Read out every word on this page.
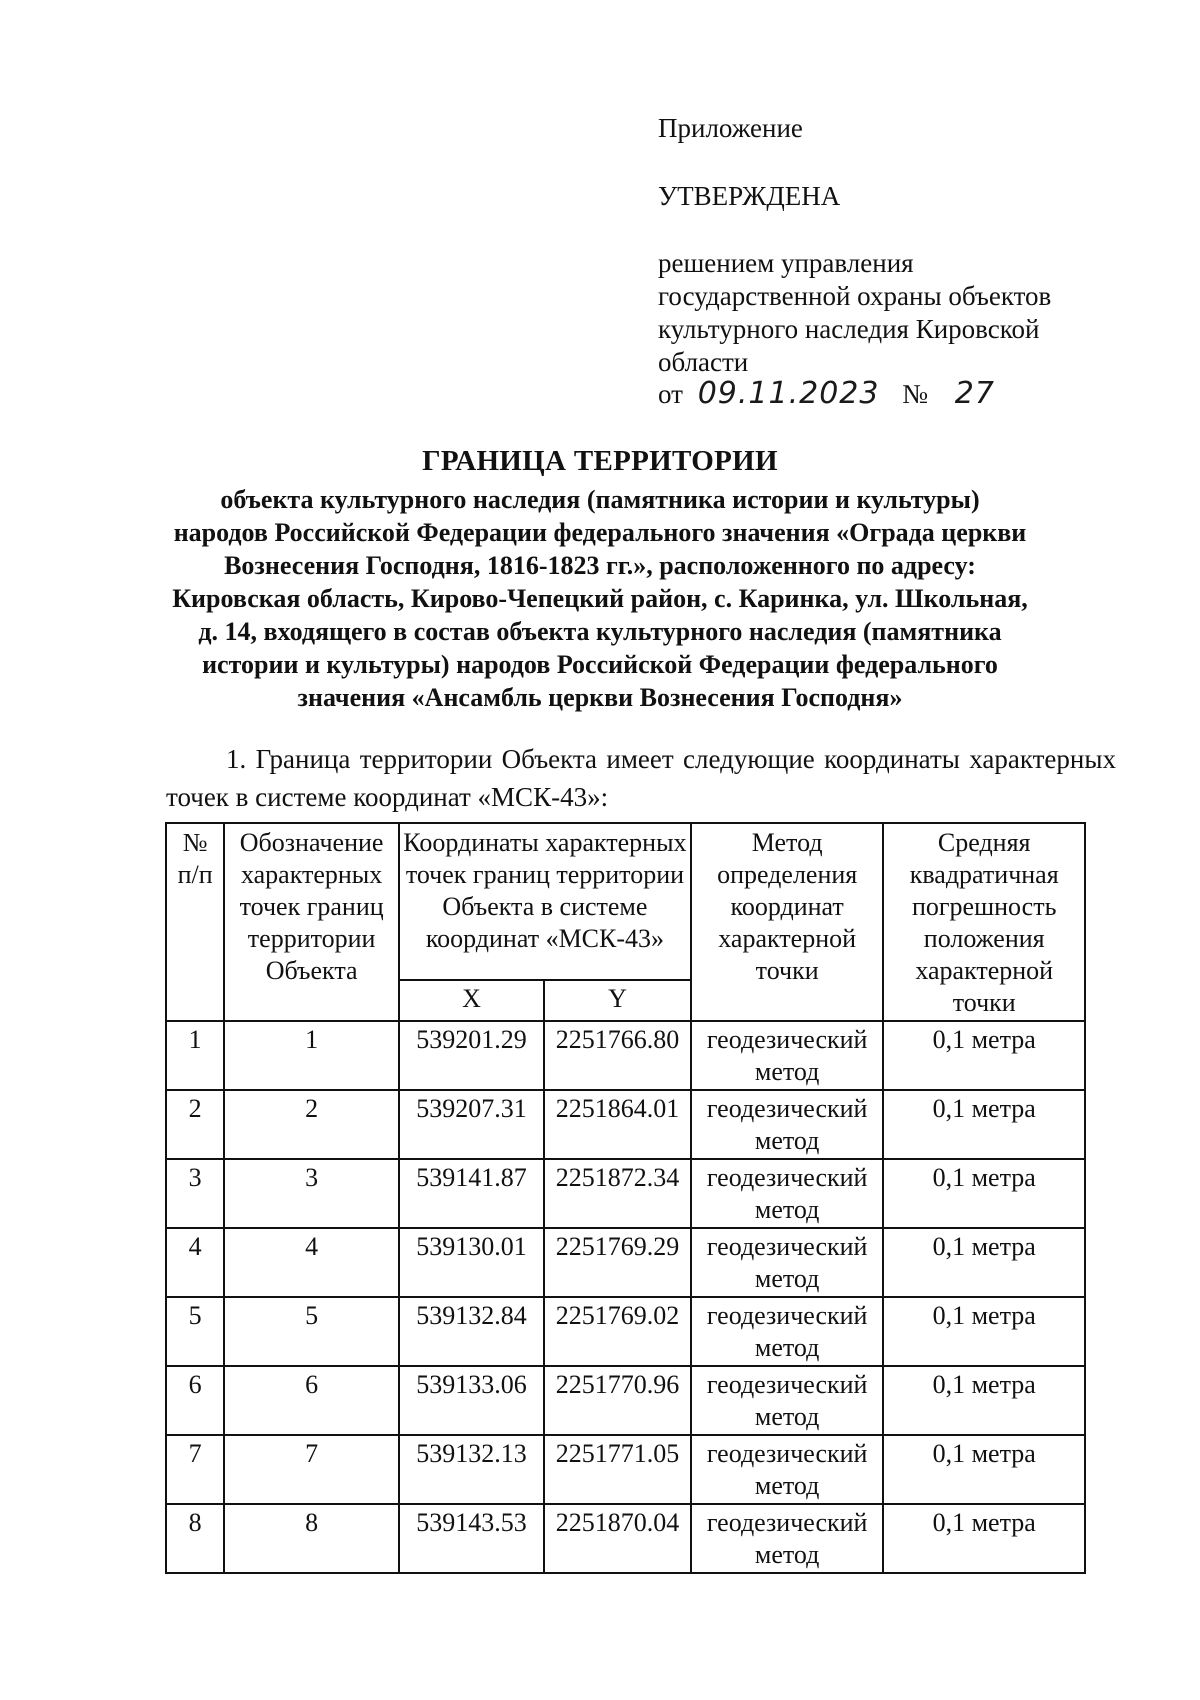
Приложение
УТВЕРЖДЕНА
решением управления
государственной охраны объектов
культурного наследия Кировской
области
от 09.11.2023 № 27
ГРАНИЦА ТЕРРИТОРИИ
объекта культурного наследия (памятника истории и культуры)
народов Российской Федерации федерального значения «Ограда церкви
Вознесения Господня, 1816-1823 гг.», расположенного по адресу:
Кировская область, Кирово-Чепецкий район, с. Каринка, ул. Школьная,
д. 14, входящего в состав объекта культурного наследия (памятника
истории и культуры) народов Российской Федерации федерального
значения «Ансамбль церкви Вознесения Господня»
1. Граница территории Объекта имеет следующие координаты характерных точек в системе координат «МСК-43»:
№ п/п	Обозначение характерных точек границ территории Объекта	Координаты характерных точек границ территории Объекта в системе координат «МСК-43»		Метод определения координат характерной точки	Средняя квадратичная погрешность положения характерной точки
		X	Y		
1	1	539201.29	2251766.80	геодезический метод	0,1 метра
2	2	539207.31	2251864.01	геодезический метод	0,1 метра
3	3	539141.87	2251872.34	геодезический метод	0,1 метра
4	4	539130.01	2251769.29	геодезический метод	0,1 метра
5	5	539132.84	2251769.02	геодезический метод	0,1 метра
6	6	539133.06	2251770.96	геодезический метод	0,1 метра
7	7	539132.13	2251771.05	геодезический метод	0,1 метра
8	8	539143.53	2251870.04	геодезический метод	0,1 метра
